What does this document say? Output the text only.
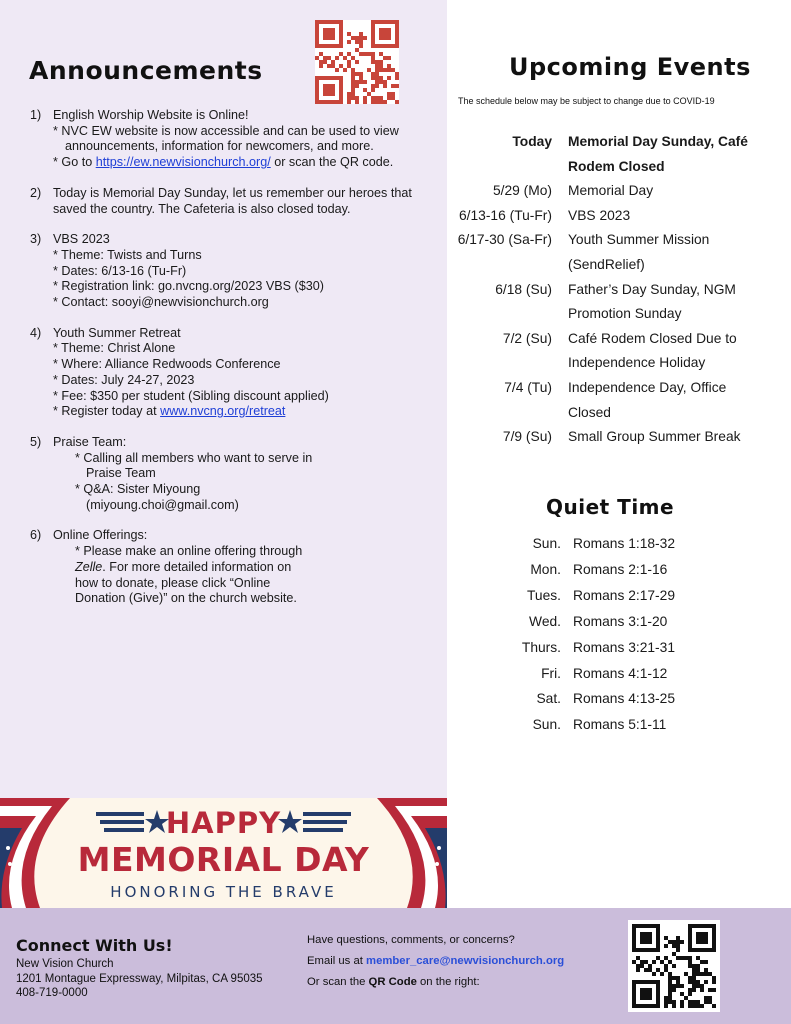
Announcements
1) English Worship Website is Online!
* NVC EW website is now accessible and can be used to view
announcements, information for newcomers, and more.
* Go to https://ew.newvisionchurch.org/ or scan the QR code.
2) Today is Memorial Day Sunday, let us remember our heroes that
saved the country. The Cafeteria is also closed today.
3) VBS 2023
* Theme: Twists and Turns
* Dates: 6/13-16 (Tu-Fr)
* Registration link: go.nvcng.org/2023 VBS ($30)
* Contact: sooyi@newvisionchurch.org
4) Youth Summer Retreat
* Theme: Christ Alone
* Where: Alliance Redwoods Conference
* Dates: July 24-27, 2023
* Fee: $350 per student (Sibling discount applied)
* Register today at www.nvcng.org/retreat
5) Praise Team:
* Calling all members who want to serve in
Praise Team
* Q&A: Sister Miyoung
(miyoung.choi@gmail.com)
6) Online Offerings:
* Please make an online offering through
Zelle. For more detailed information on
how to donate, please click “Online
Donation (Give)” on the church website.
Upcoming Events
The schedule below may be subject to change due to COVID-19
Today	Memorial Day Sunday, Café
Rodem Closed
5/29 (Mo)	Memorial Day
6/13-16 (Tu-Fr)	VBS 2023
6/17-30 (Sa-Fr)	Youth Summer Mission
(SendRelief)
6/18 (Su)	Father’s Day Sunday, NGM
Promotion Sunday
7/2 (Su)	Café Rodem Closed Due to
Independence Holiday
7/4 (Tu)	Independence Day, Office
Closed
7/9 (Su)	Small Group Summer Break
Quiet Time
Sun. Romans 1:18-32
Mon. Romans 2:1-16
Tues. Romans 2:17-29
Wed. Romans 3:1-20
Thurs. Romans 3:21-31
Fri. Romans 4:1-12
Sat. Romans 4:13-25
Sun. Romans 5:1-11
HAPPY
MEMORIAL DAY
HONORING THE BRAVE
Connect With Us!
New Vision Church
1201 Montague Expressway, Milpitas, CA 95035
408-719-0000
Have questions, comments, or concerns?
Email us at member_care@newvisionchurch.org
Or scan the QR Code on the right:
